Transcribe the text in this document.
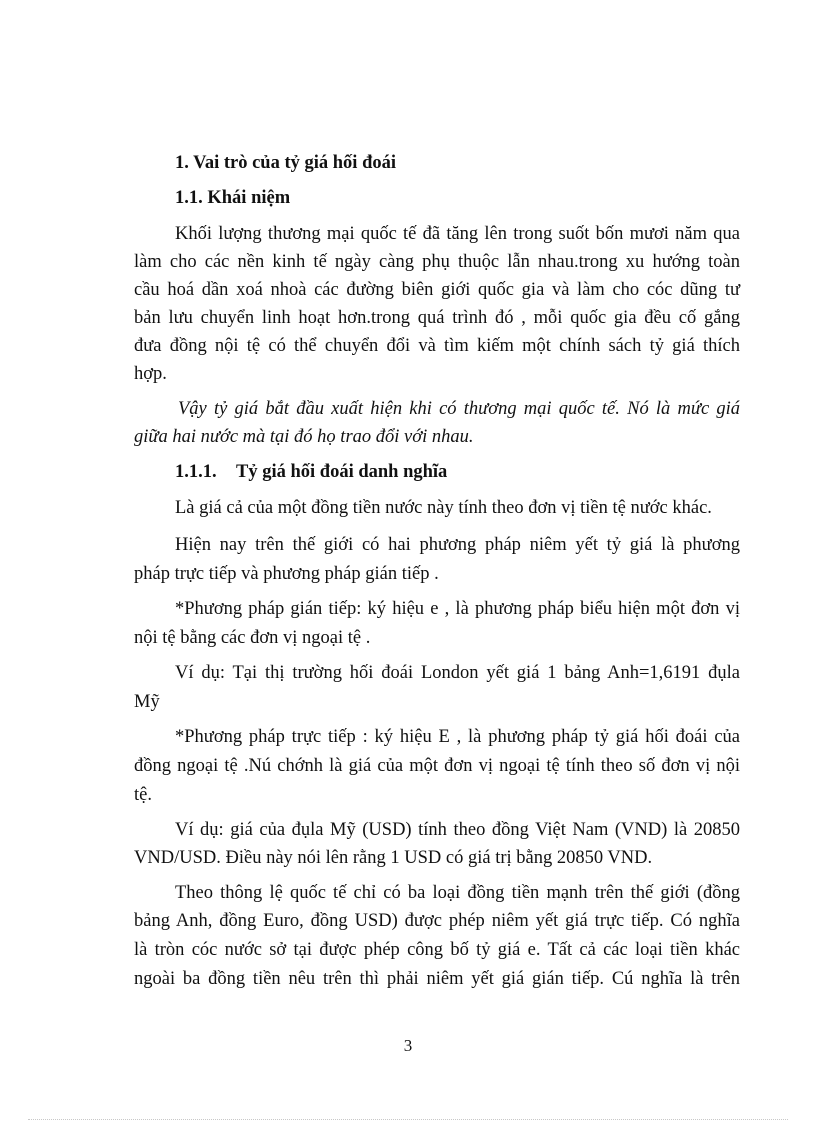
1. Vai trò của tỷ giá hối đoái
1.1. Khái niệm
Khối lượng thương mại quốc tế đã tăng lên trong suốt bốn mươi năm qua
làm cho các nền kinh tế ngày càng phụ thuộc lẫn nhau.trong xu hướng toàn
cầu hoá dần xoá nhoà các đường biên giới quốc gia và làm cho cóc dũng tư
bản lưu chuyển linh hoạt hơn.trong quá trình đó , mỗi quốc gia đều cố gắng
đưa đồng nội tệ có thể chuyển đổi và tìm kiếm một chính sách tỷ giá thích
hợp.
Vậy tỷ giá bắt đầu xuất hiện khi có thương mại quốc tế. Nó là mức giá
giữa hai nước mà tại đó họ trao đổi với nhau.
1.1.1. Tỷ giá hối đoái danh nghĩa
Là giá cả của một đồng tiền nước này tính theo đơn vị tiền tệ nước khác.
Hiện nay trên thế giới có hai phương pháp niêm yết tỷ giá là phương
pháp trực tiếp và phương pháp gián tiếp .
*Phương pháp gián tiếp: ký hiệu e , là phương pháp biểu hiện một đơn vị
nội tệ bằng các đơn vị ngoại tệ .
Ví dụ: Tại thị trường hối đoái London yết giá 1 bảng Anh=1,6191 đụla
Mỹ
*Phương pháp trực tiếp : ký hiệu E , là phương pháp tỷ giá hối đoái của
đồng ngoại tệ .Nú chớnh là giá của một đơn vị ngoại tệ tính theo số đơn vị nội
tệ.
Ví dụ: giá của đụla Mỹ (USD) tính theo đồng Việt Nam (VND) là 20850
VND/USD. Điều này nói lên rằng 1 USD có giá trị bằng 20850 VND.
Theo thông lệ quốc tế chỉ có ba loại đồng tiền mạnh trên thế giới (đồng
bảng Anh, đồng Euro, đồng USD) được phép niêm yết giá trực tiếp. Có nghĩa
là tròn cóc nước sở tại được phép công bố tỷ giá e. Tất cả các loại tiền khác
ngoài ba đồng tiền nêu trên thì phải niêm yết giá gián tiếp. Cú nghĩa là trên
3
